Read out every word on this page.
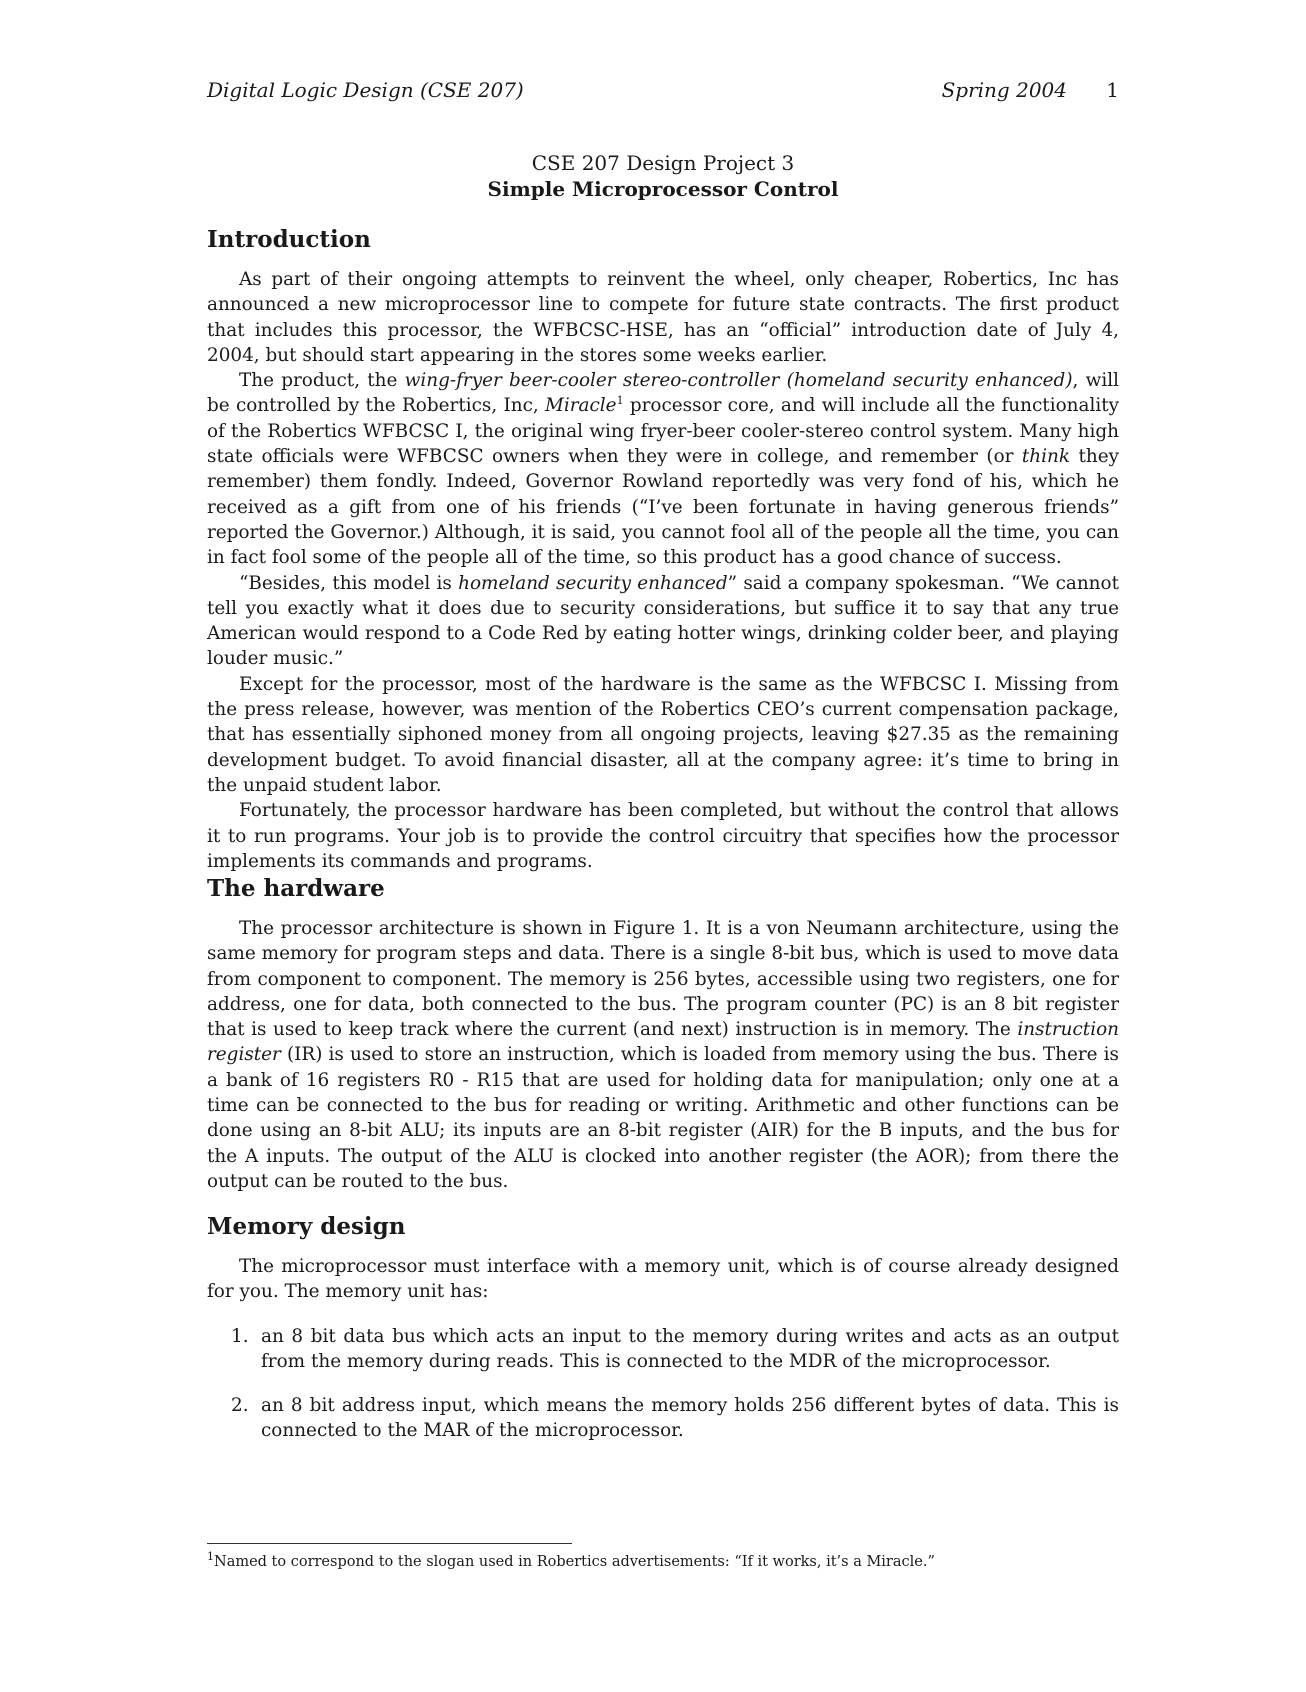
Digital Logic Design (CSE 207)	Spring 2004 1
CSE 207 Design Project 3
Simple Microprocessor Control
Introduction

As part of their ongoing attempts to reinvent the wheel, only cheaper, Robertics, Inc has announced a new microprocessor line to compete for future state contracts. The first product that includes this processor, the WFBCSC-HSE, has an “official” introduction date of July 4, 2004, but should start appearing in the stores some weeks earlier.

The product, the wing-fryer beer-cooler stereo-controller (homeland security enhanced), will be controlled by the Robertics, Inc, Miracle$^1$ processor core, and will include all the functionality of the Robertics WFBCSC I, the original wing fryer-beer cooler-stereo control system. Many high state officials were WFBCSC owners when they were in college, and remember (or think they remember) them fondly. Indeed, Governor Rowland reportedly was very fond of his, which he received as a gift from one of his friends (“I’ve been fortunate in having generous friends” reported the Governor.) Although, it is said, you cannot fool all of the people all the time, you can in fact fool some of the people all of the time, so this product has a good chance of success.

“Besides, this model is homeland security enhanced” said a company spokesman. “We cannot tell you exactly what it does due to security considerations, but suffice it to say that any true American would respond to a Code Red by eating hotter wings, drinking colder beer, and playing louder music.”

Except for the processor, most of the hardware is the same as the WFBCSC I. Missing from the press release, however, was mention of the Robertics CEO’s current compensation package, that has essentially siphoned money from all ongoing projects, leaving $27.35 as the remaining development budget. To avoid financial disaster, all at the company agree: it’s time to bring in the unpaid student labor.

Fortunately, the processor hardware has been completed, but without the control that allows it to run programs. Your job is to provide the control circuitry that specifies how the processor implements its commands and programs.

The hardware

The processor architecture is shown in Figure 1. It is a von Neumann architecture, using the same memory for program steps and data. There is a single 8-bit bus, which is used to move data from component to component. The memory is 256 bytes, accessible using two registers, one for address, one for data, both connected to the bus. The program counter (PC) is an 8 bit register that is used to keep track where the current (and next) instruction is in memory. The instruction register (IR) is used to store an instruction, which is loaded from memory using the bus. There is a bank of 16 registers R0 - R15 that are used for holding data for manipulation; only one at a time can be connected to the bus for reading or writing. Arithmetic and other functions can be done using an 8-bit ALU; its inputs are an 8-bit register (AIR) for the B inputs, and the bus for the A inputs. The output of the ALU is clocked into another register (the AOR); from there the output can be routed to the bus.

Memory design

The microprocessor must interface with a memory unit, which is of course already designed for you. The memory unit has:

1. an 8 bit data bus which acts an input to the memory during writes and acts as an output from the memory during reads. This is connected to the MDR of the microprocessor.
2. an 8 bit address input, which means the memory holds 256 different bytes of data. This is connected to the MAR of the microprocessor.
$^1$Named to correspond to the slogan used in Robertics advertisements: “If it works, it’s a Miracle.”
